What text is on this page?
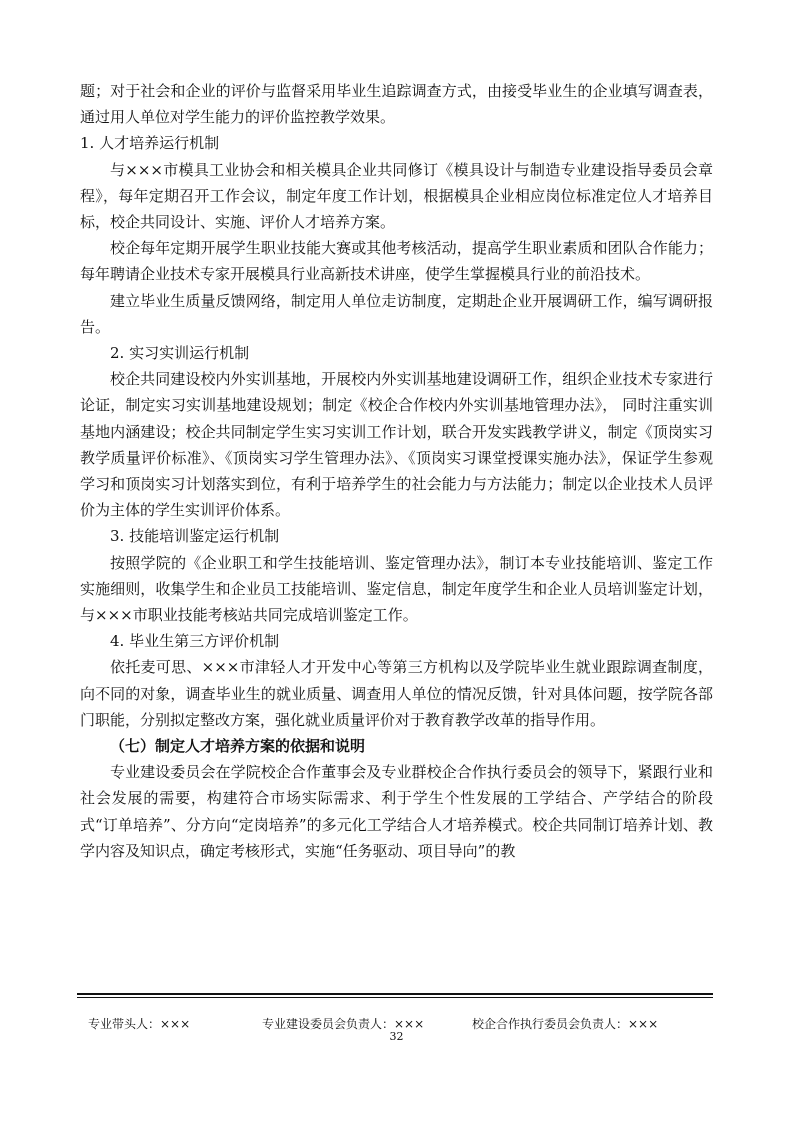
题；对于社会和企业的评价与监督采用毕业生追踪调查方式，由接受毕业生的企业填写调查表，通过用人单位对学生能力的评价监控教学效果。

1. 人才培养运行机制

与×××市模具工业协会和相关模具企业共同修订《模具设计与制造专业建设指导委员会章程》，每年定期召开工作会议，制定年度工作计划，根据模具企业相应岗位标准定位人才培养目标，校企共同设计、实施、评价人才培养方案。

校企每年定期开展学生职业技能大赛或其他考核活动，提高学生职业素质和团队合作能力；每年聘请企业技术专家开展模具行业高新技术讲座，使学生掌握模具行业的前沿技术。

建立毕业生质量反馈网络，制定用人单位走访制度，定期赴企业开展调研工作，编写调研报告。

2. 实习实训运行机制

校企共同建设校内外实训基地，开展校内外实训基地建设调研工作，组织企业技术专家进行论证，制定实习实训基地建设规划；制定《校企合作校内外实训基地管理办法》， 同时注重实训基地内涵建设；校企共同制定学生实习实训工作计划，联合开发实践教学讲义，制定《顶岗实习教学质量评价标准》、《顶岗实习学生管理办法》、《顶岗实习课堂授课实施办法》，保证学生参观学习和顶岗实习计划落实到位，有利于培养学生的社会能力与方法能力；制定以企业技术人员评价为主体的学生实训评价体系。

3. 技能培训鉴定运行机制

按照学院的《企业职工和学生技能培训、鉴定管理办法》，制订本专业技能培训、鉴定工作实施细则，收集学生和企业员工技能培训、鉴定信息，制定年度学生和企业人员培训鉴定计划，与×××市职业技能考核站共同完成培训鉴定工作。

4. 毕业生第三方评价机制

依托麦可思、×××市津轻人才开发中心等第三方机构以及学院毕业生就业跟踪调查制度，向不同的对象，调查毕业生的就业质量、调查用人单位的情况反馈，针对具体问题，按学院各部门职能，分别拟定整改方案，强化就业质量评价对于教育教学改革的指导作用。

（七）制定人才培养方案的依据和说明

专业建设委员会在学院校企合作董事会及专业群校企合作执行委员会的领导下，紧跟行业和社会发展的需要，构建符合市场实际需求、利于学生个性发展的工学结合、产学结合的阶段式“订单培养”、分方向“定岗培养”的多元化工学结合人才培养模式。校企共同制订培养计划、教学内容及知识点，确定考核形式，实施“任务驱动、项目导向”的教

专业带头人：×××	专业建设委员会负责人：×××	校企合作执行委员会负责人：×××
32
